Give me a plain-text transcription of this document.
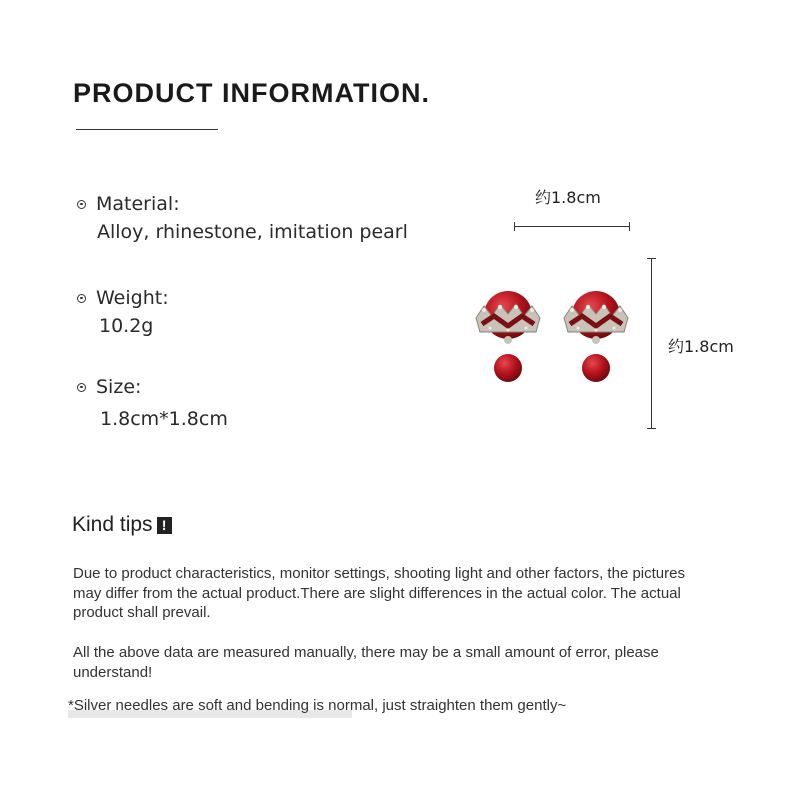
PRODUCT INFORMATION.
Material:
Alloy, rhinestone, imitation pearl
Weight:
10.2g
Size:
1.8cm*1.8cm
约1.8cm
约1.8cm
Kind tips !

Due to product characteristics, monitor settings, shooting light and other factors, the pictures may differ from the actual product.There are slight differences in the actual color. The actual product shall prevail.

All the above data are measured manually, there may be a small amount of error, please understand!

*Silver needles are soft and bending is normal, just straighten them gently~
